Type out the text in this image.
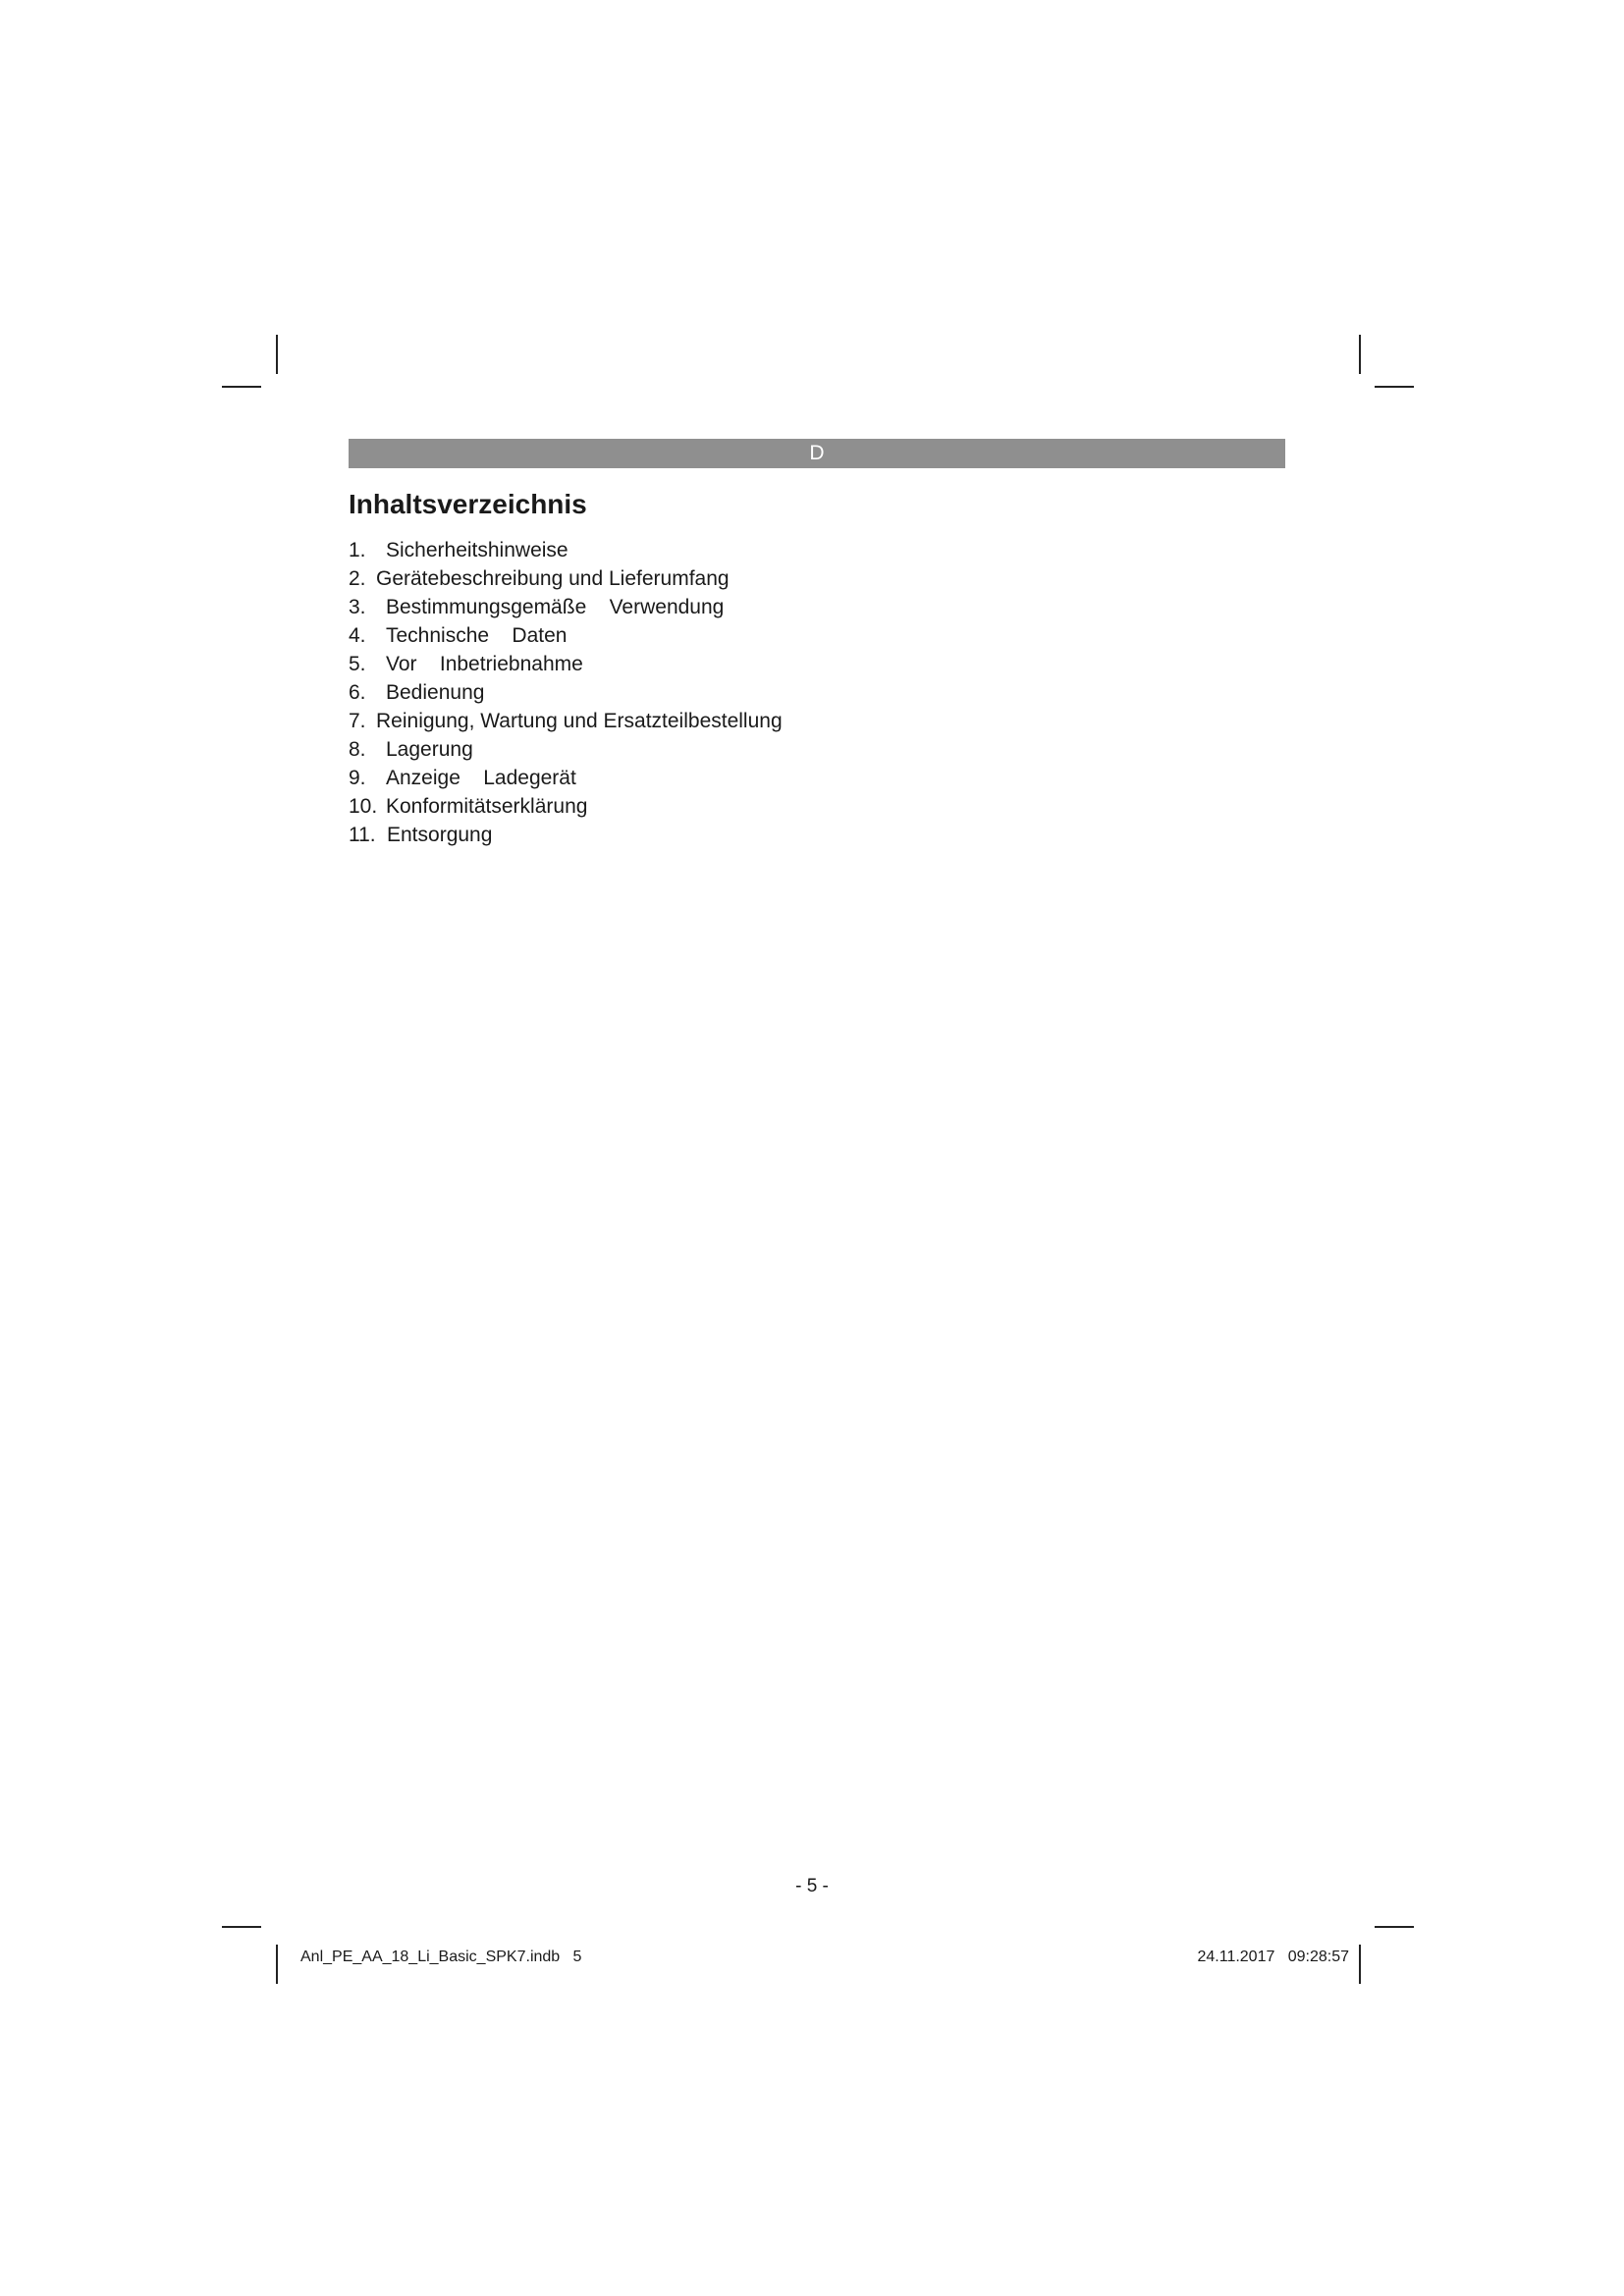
D
Inhaltsverzeichnis
1. Sicherheitshinweise
2. Gerätebeschreibung und Lieferumfang
3. Bestimmungsgemäße    Verwendung
4. Technische    Daten
5. Vor    Inbetriebnahme
6. Bedienung
7. Reinigung, Wartung und Ersatzteilbestellung
8. Lagerung
9. Anzeige    Ladegerät
10. Konformitätserklärung
11. Entsorgung
- 5 -
Anl_PE_AA_18_Li_Basic_SPK7.indb   5	24.11.2017   09:28:57
